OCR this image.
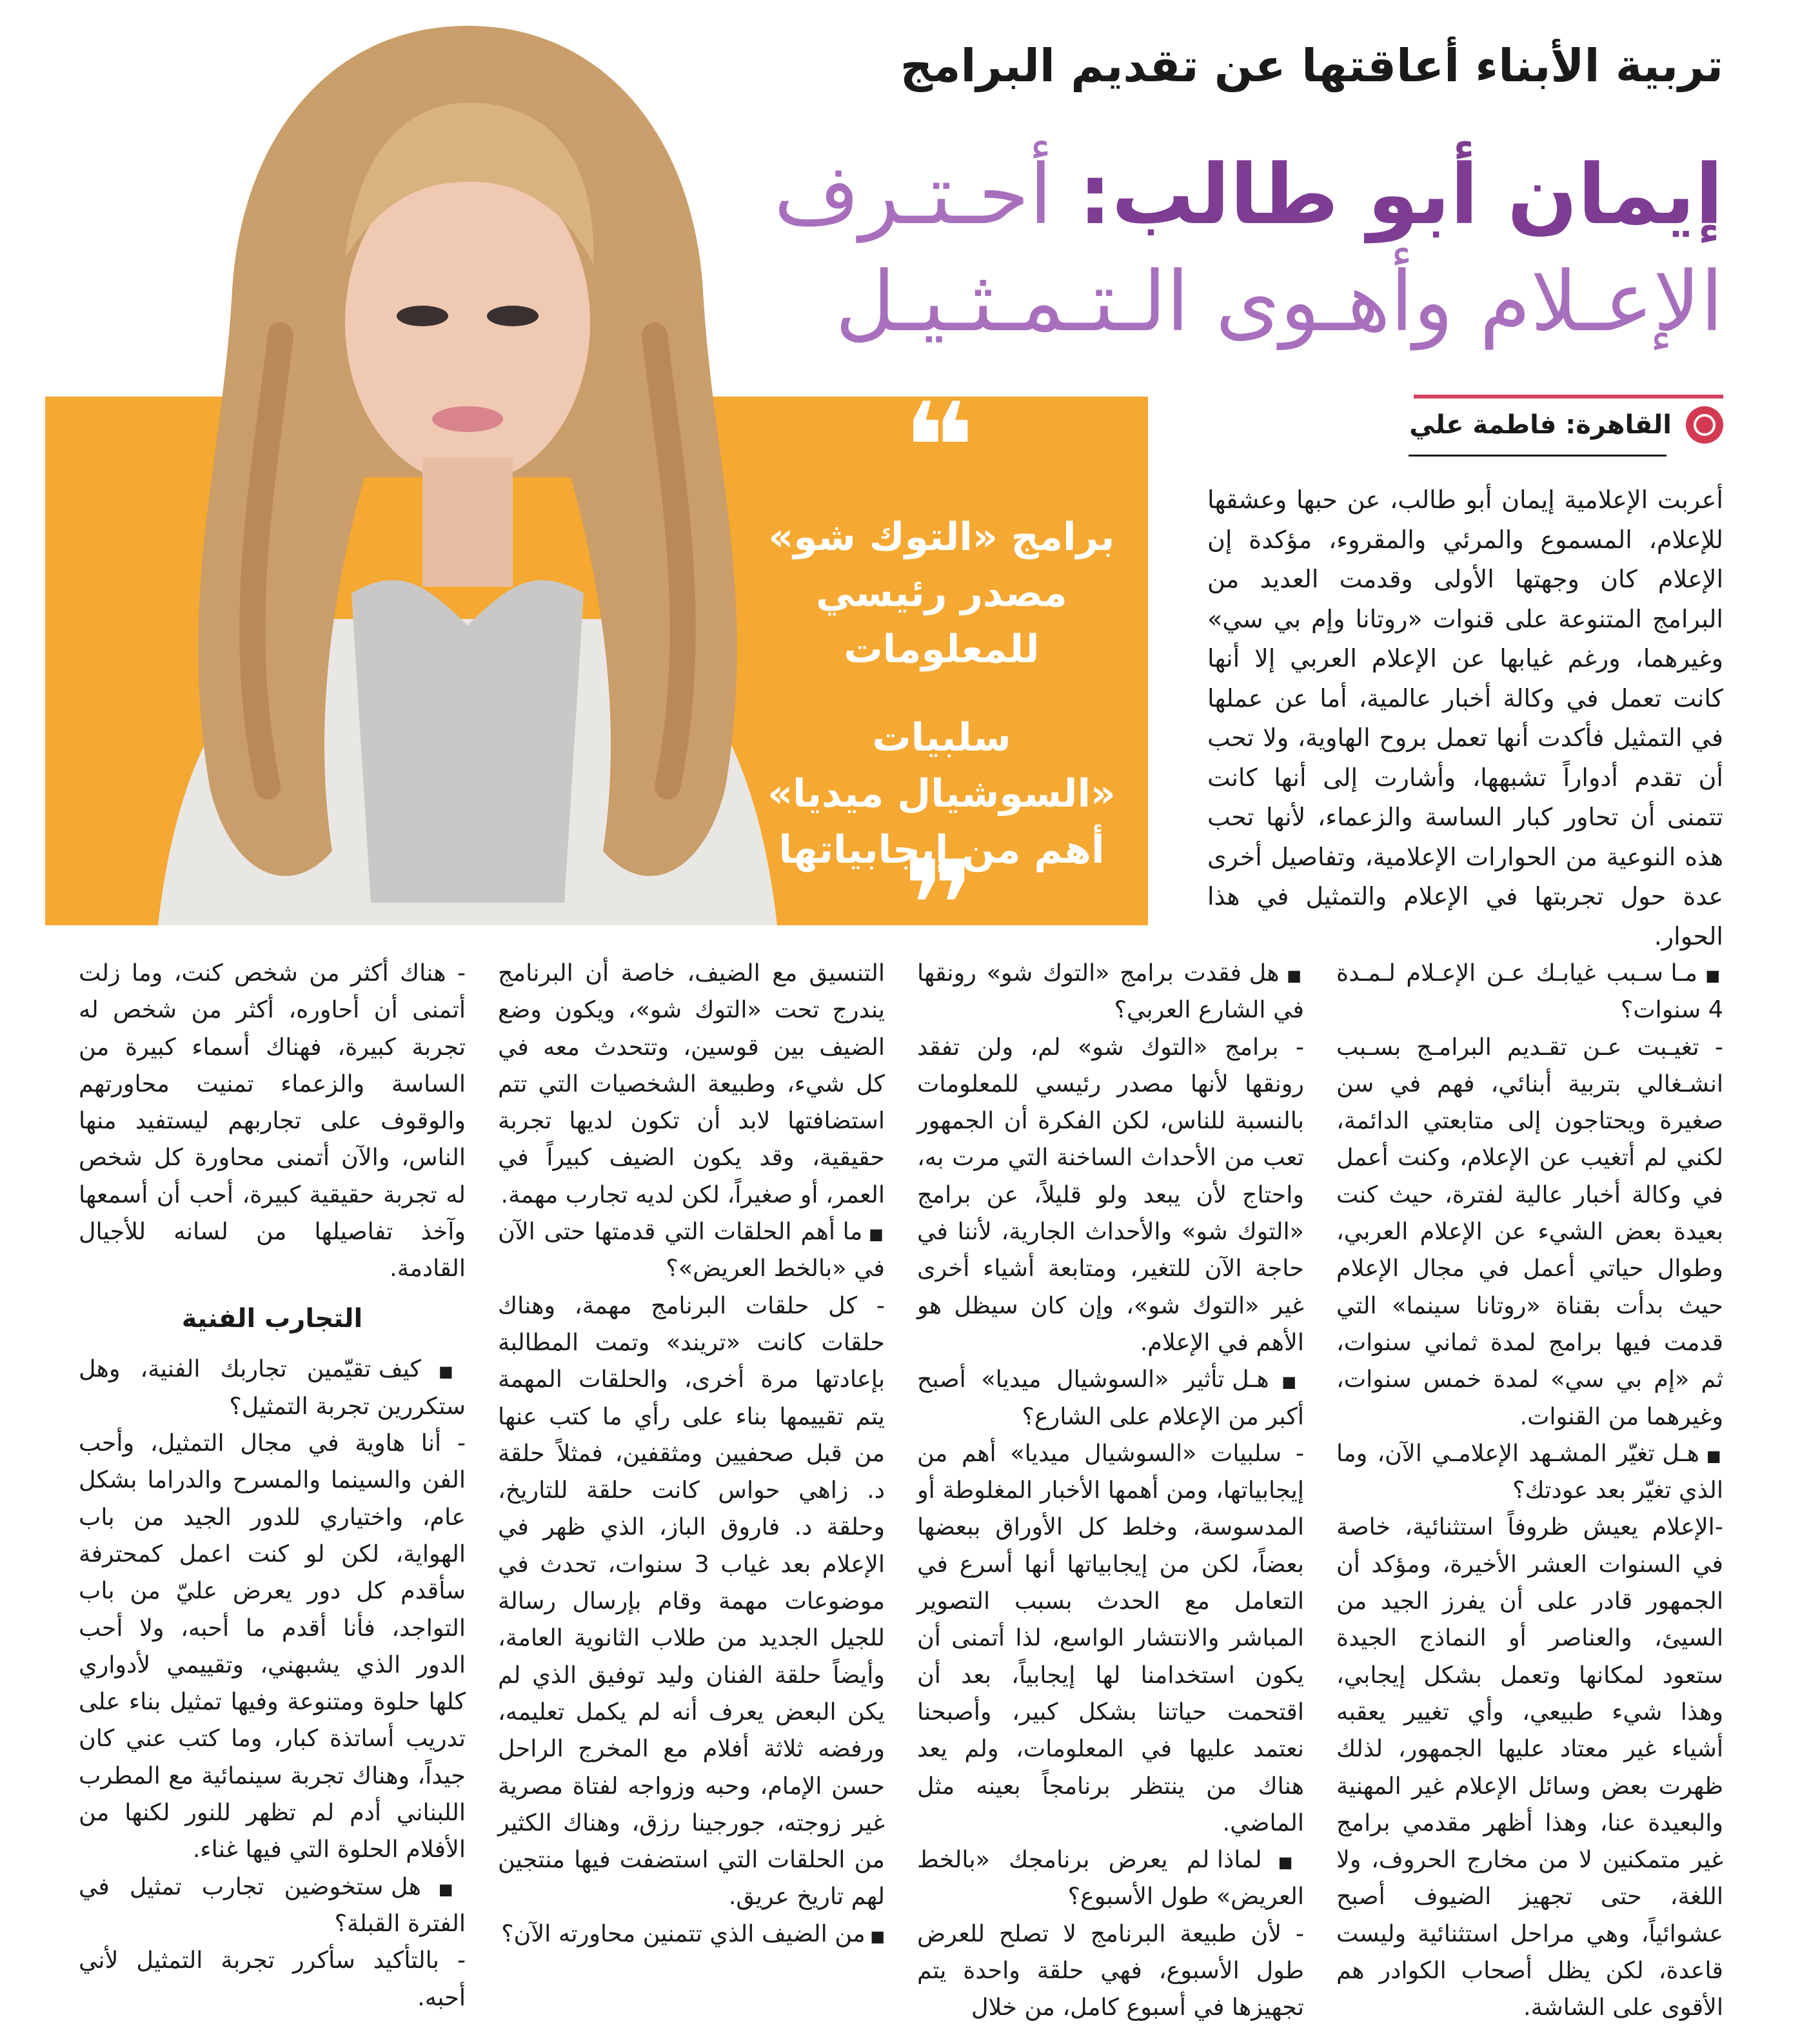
تربية الأبناء أعاقتها عن تقديم البرامج
إيمان أبو طالب: أحـتـرف
الإعـلام وأهـوى الـتـمـثـيـل
القاهرة: فاطمة علي
أعربت الإعلامية إيمان أبو طالب، عن حبها وعشقها للإعلام، المسموع والمرئي والمقروء، مؤكدة إن الإعلام كان وجهتها الأولى وقدمت العديد من البرامج المتنوعة على قنوات «روتانا وإم بي سي» وغيرهما، ورغم غيابها عن الإعلام العربي إلا أنها كانت تعمل في وكالة أخبار عالمية، أما عن عملها في التمثيل فأكدت أنها تعمل بروح الهاوية، ولا تحب أن تقدم أدواراً تشبهها، وأشارت إلى أنها كانت تتمنى أن تحاور كبار الساسة والزعماء، لأنها تحب هذه النوعية من الحوارات الإعلامية، وتفاصيل أخرى عدة حول تجربتها في الإعلام والتمثيل في هذا الحوار.
❝
برامج «التوك شو» مصدر رئيسي للمعلومات
سلبيات «السوشيال ميديا» أهم من إيجابياتها
❞

■	مـا سـبب غيابـك عـن الإعـلام لـمـدة 4 سنوات؟

- تغيـبت عـن تقـديم البرامـج بسـبب انشـغالي بتربية أبنائي، فهم في سن صغيرة ويحتاجون إلى متابعتي الدائمة، لكني لم أتغيب عن الإعلام، وكنت أعمل في وكالة أخبار عالية لفترة، حيث كنت بعيدة بعض الشيء عن الإعلام العربي، وطوال حياتي أعمل في مجال الإعلام حيث بدأت بقناة «روتانا سينما» التي قدمت فيها برامج لمدة ثماني سنوات، ثم «إم بي سي» لمدة خمس سنوات، وغيرهما من القنوات.

■ هـل تغيّر المشـهد الإعلامـي الآن، وما الذي تغيّر بعد عودتك؟

-الإعلام يعيش ظروفاً استثنائية، خاصة في السنوات العشر الأخيرة، ومؤكد أن الجمهور قادر على أن يفرز الجيد من السيئ، والعناصر أو النماذج الجيدة ستعود لمكانها وتعمل بشكل إيجابي، وهذا شيء طبيعي، وأي تغيير يعقبه أشياء غير معتاد عليها الجمهور، لذلك ظهرت بعض وسائل الإعلام غير المهنية والبعيدة عنا، وهذا أظهر مقدمي برامج غير متمكنين لا من مخارج الحروف، ولا اللغة، حتى تجهيز الضيوف أصبح عشوائياً، وهي مراحل استثنائية وليست قاعدة، لكن يظل أصحاب الكوادر هم الأقوى على الشاشة.

■ هل فقدت برامج «التوك شو» رونقها في الشارع العربي؟

- برامج «التوك شو» لم، ولن تفقد رونقها لأنها مصدر رئيسي للمعلومات بالنسبة للناس، لكن الفكرة أن الجمهور تعب من الأحداث الساخنة التي مرت به، واحتاج لأن يبعد ولو قليلاً، عن برامج «التوك شو» والأحداث الجارية، لأننا في حاجة الآن للتغير، ومتابعة أشياء أخرى غير «التوك شو»، وإن كان سيظل هو الأهم في الإعلام.

■ هـل تأثير «السوشيال ميديا» أصبح أكبر من الإعلام على الشارع؟

- سلبيات «السوشيال ميديا» أهم من إيجابياتها، ومن أهمها الأخبار المغلوطة أو المدسوسة، وخلط كل الأوراق ببعضها بعضاً، لكن من إيجابياتها أنها أسرع في التعامل مع الحدث بسبب التصوير المباشر والانتشار الواسع، لذا أتمنى أن يكون استخدامنا لها إيجابياً، بعد أن اقتحمت حياتنا بشكل كبير، وأصبحنا نعتمد عليها في المعلومات، ولم يعد هناك من ينتظر برنامجاً بعينه مثل الماضي.

■ لماذا لم يعرض برنامجك «بالخط العريض» طول الأسبوع؟

- لأن طبيعة البرنامج لا تصلح للعرض طول الأسبوع، فهي حلقة واحدة يتم تجهيزها في أسبوع كامل، من خلال

التنسيق مع الضيف، خاصة أن البرنامج يندرج تحت «التوك شو»، ويكون وضع الضيف بين قوسين، وتتحدث معه في كل شيء، وطبيعة الشخصيات التي تتم استضافتها لابد أن تكون لديها تجربة حقيقية، وقد يكون الضيف كبيراً في العمر، أو صغيراً، لكن لديه تجارب مهمة.

■ ما أهم الحلقات التي قدمتها حتى الآن في «بالخط العريض»؟

- كل حلقات البرنامج مهمة، وهناك حلقات كانت «تريند» وتمت المطالبة بإعادتها مرة أخرى، والحلقات المهمة يتم تقييمها بناء على رأي ما كتب عنها من قبل صحفيين ومثقفين، فمثلاً حلقة د. زاهي حواس كانت حلقة للتاريخ، وحلقة د. فاروق الباز، الذي ظهر في الإعلام بعد غياب 3 سنوات، تحدث في موضوعات مهمة وقام بإرسال رسالة للجيل الجديد من طلاب الثانوية العامة، وأيضاً حلقة الفنان وليد توفيق الذي لم يكن البعض يعرف أنه لم يكمل تعليمه، ورفضه ثلاثة أفلام مع المخرج الراحل حسن الإمام، وحبه وزواجه لفتاة مصرية غير زوجته، جورجينا رزق، وهناك الكثير من الحلقات التي استضفت فيها منتجين لهم تاريخ عريق.

■ من الضيف الذي تتمنين محاورته الآن؟

- هناك أكثر من شخص كنت، وما زلت أتمنى أن أحاوره، أكثر من شخص له تجربة كبيرة، فهناك أسماء كبيرة من الساسة والزعماء تمنيت محاورتهم والوقوف على تجاربهم ليستفيد منها الناس، والآن أتمنى محاورة كل شخص له تجربة حقيقية كبيرة، أحب أن أسمعها وآخذ تفاصيلها من لسانه للأجيال القادمة.

التجارب الفنية

■ كيف تقيّمين تجاربك الفنية، وهل ستكررين تجربة التمثيل؟

- أنا هاوية في مجال التمثيل، وأحب الفن والسينما والمسرح والدراما بشكل عام، واختياري للدور الجيد من باب الهواية، لكن لو كنت اعمل كمحترفة سأقدم كل دور يعرض عليّ من باب التواجد، فأنا أقدم ما أحبه، ولا أحب الدور الذي يشبهني، وتقييمي لأدواري كلها حلوة ومتنوعة وفيها تمثيل بناء على تدريب أساتذة كبار، وما كتب عني كان جيداً، وهناك تجربة سينمائية مع المطرب اللبناني أدم لم تظهر للنور لكنها من الأفلام الحلوة التي فيها غناء.

■ هل ستخوضين تجارب تمثيل في الفترة القبلة؟

- بالتأكيد سأكرر تجربة التمثيل لأني أحبه.
